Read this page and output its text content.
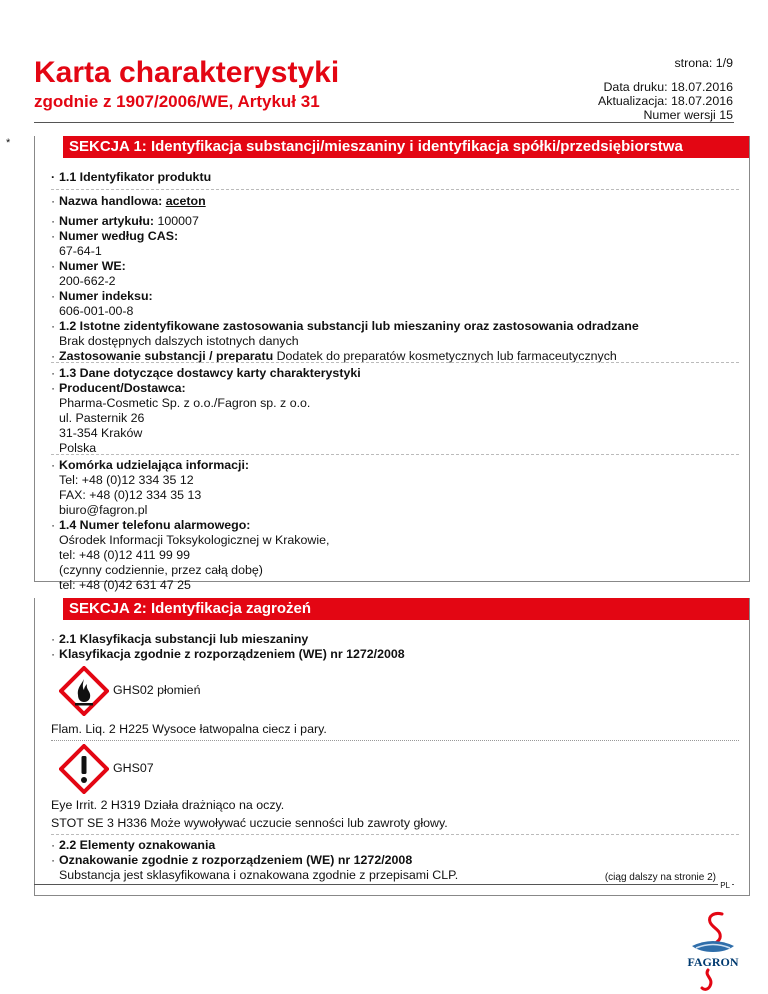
Karta charakterystyki
zgodnie z 1907/2006/WE, Artykuł 31
strona: 1/9
Data druku: 18.07.2016
Aktualizacja: 18.07.2016
Numer wersji 15
*	SEKCJA 1: Identyfikacja substancji/mieszaniny i identyfikacja spółki/przedsiębiorstwa
· 1.1 Identyfikator produktu
· Nazwa handlowa: aceton
· Numer artykułu: 100007
· Numer według CAS:
67-64-1
· Numer WE:
200-662-2
· Numer indeksu:
606-001-00-8
· 1.2 Istotne zidentyfikowane zastosowania substancji lub mieszaniny oraz zastosowania odradzane
Brak dostępnych dalszych istotnych danych
· Zastosowanie substancji / preparatu Dodatek do preparatów kosmetycznych lub farmaceutycznych
· 1.3 Dane dotyczące dostawcy karty charakterystyki
· Producent/Dostawca:
Pharma-Cosmetic Sp. z o.o./Fagron sp. z o.o.
ul. Pasternik 26
31-354 Kraków
Polska
· Komórka udzielająca informacji:
Tel: +48 (0)12 334 35 12
FAX: +48 (0)12 334 35 13
biuro@fagron.pl
· 1.4 Numer telefonu alarmowego:
Ośrodek Informacji Toksykologicznej w Krakowie,
tel: +48 (0)12 411 99 99
(czynny codziennie, przez całą dobę)
tel: +48 (0)42 631 47 25
SEKCJA 2: Identyfikacja zagrożeń
· 2.1 Klasyfikacja substancji lub mieszaniny
· Klasyfikacja zgodnie z rozporządzeniem (WE) nr 1272/2008
GHS02 płomień
Flam. Liq. 2 H225 Wysoce łatwopalna ciecz i pary.
GHS07
Eye Irrit. 2 H319 Działa drażniąco na oczy.
STOT SE 3 H336 Może wywoływać uczucie senności lub zawroty głowy.
· 2.2 Elementy oznakowania
· Oznakowanie zgodnie z rozporządzeniem (WE) nr 1272/2008
Substancja jest sklasyfikowana i oznakowana zgodnie z przepisami CLP.	(ciąg dalszy na stronie 2)
PL
FAGRON
